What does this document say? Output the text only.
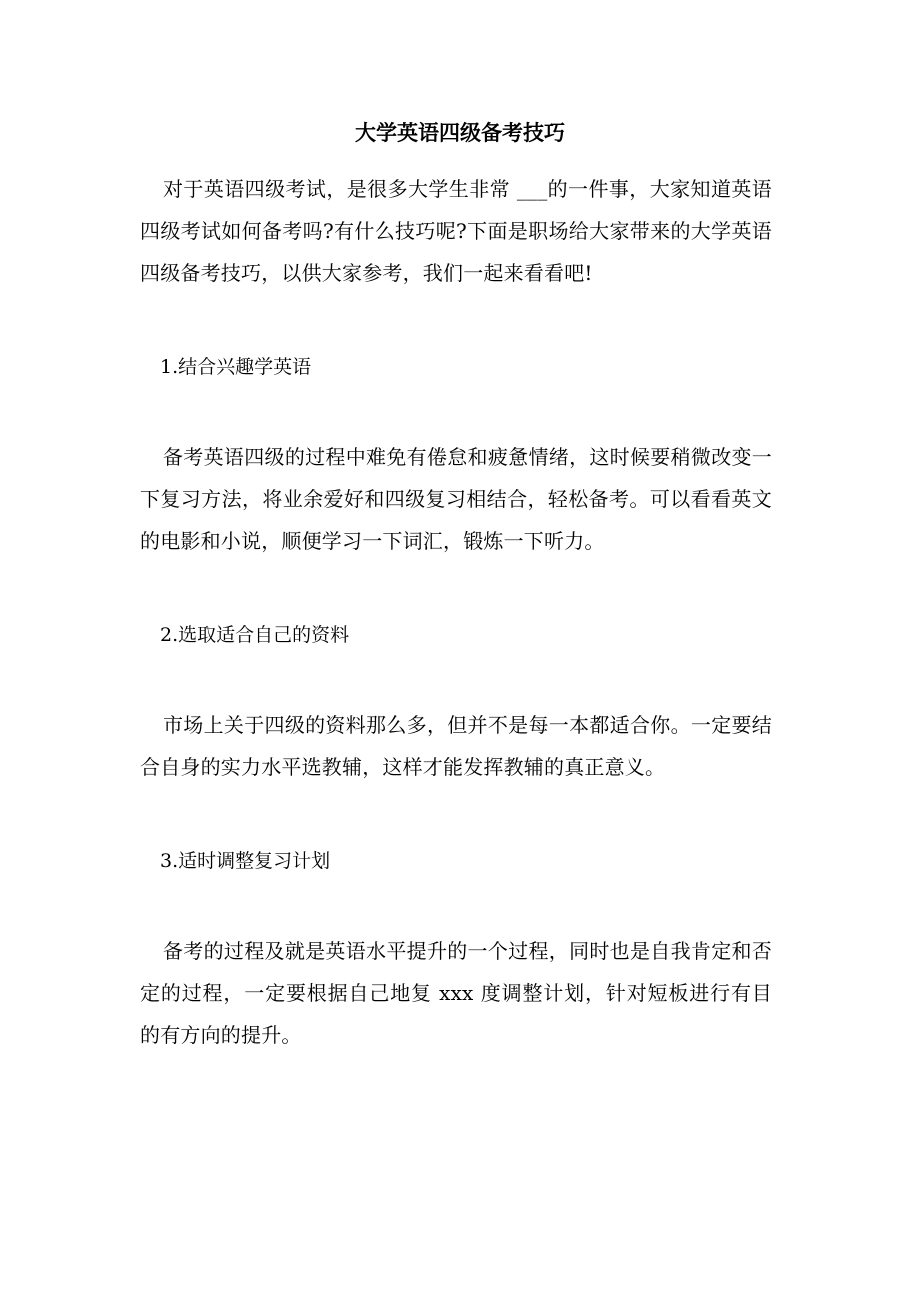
大学英语四级备考技巧

对于英语四级考试，是很多大学生非常 ___的一件事，大家知道英语四级考试如何备考吗?有什么技巧呢?下面是职场给大家带来的大学英语四级备考技巧，以供大家参考，我们一起来看看吧!

1.结合兴趣学英语

备考英语四级的过程中难免有倦怠和疲惫情绪，这时候要稍微改变一下复习方法，将业余爱好和四级复习相结合，轻松备考。可以看看英文的电影和小说，顺便学习一下词汇，锻炼一下听力。

2.选取适合自己的资料

市场上关于四级的资料那么多，但并不是每一本都适合你。一定要结合自身的实力水平选教辅，这样才能发挥教辅的真正意义。

3.适时调整复习计划

备考的过程及就是英语水平提升的一个过程，同时也是自我肯定和否定的过程，一定要根据自己地复 xxx 度调整计划，针对短板进行有目的有方向的提升。
